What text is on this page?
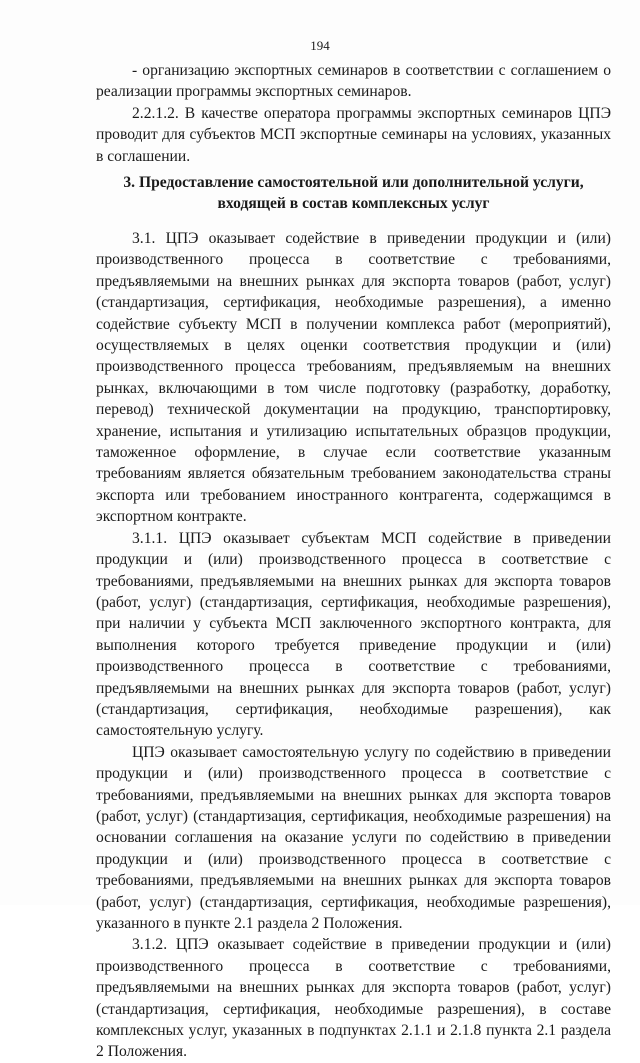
194

- организацию экспортных семинаров в соответствии с соглашением о реализации программы экспортных семинаров.

2.2.1.2. В качестве оператора программы экспортных семинаров ЦПЭ проводит для субъектов МСП экспортные семинары на условиях, указанных в соглашении.

3. Предоставление самостоятельной или дополнительной услуги, входящей в состав комплексных услуг

3.1. ЦПЭ оказывает содействие в приведении продукции и (или) производственного процесса в соответствие с требованиями, предъявляемыми на внешних рынках для экспорта товаров (работ, услуг) (стандартизация, сертификация, необходимые разрешения), а именно содействие субъекту МСП в получении комплекса работ (мероприятий), осуществляемых в целях оценки соответствия продукции и (или) производственного процесса требованиям, предъявляемым на внешних рынках, включающими в том числе подготовку (разработку, доработку, перевод) технической документации на продукцию, транспортировку, хранение, испытания и утилизацию испытательных образцов продукции, таможенное оформление, в случае если соответствие указанным требованиям является обязательным требованием законодательства страны экспорта или требованием иностранного контрагента, содержащимся в экспортном контракте.

3.1.1. ЦПЭ оказывает субъектам МСП содействие в приведении продукции и (или) производственного процесса в соответствие с требованиями, предъявляемыми на внешних рынках для экспорта товаров (работ, услуг) (стандартизация, сертификация, необходимые разрешения), при наличии у субъекта МСП заключенного экспортного контракта, для выполнения которого требуется приведение продукции и (или) производственного процесса в соответствие с требованиями, предъявляемыми на внешних рынках для экспорта товаров (работ, услуг) (стандартизация, сертификация, необходимые разрешения), как самостоятельную услугу.

ЦПЭ оказывает самостоятельную услугу по содействию в приведении продукции и (или) производственного процесса в соответствие с требованиями, предъявляемыми на внешних рынках для экспорта товаров (работ, услуг) (стандартизация, сертификация, необходимые разрешения) на основании соглашения на оказание услуги по содействию в приведении продукции и (или) производственного процесса в соответствие с требованиями, предъявляемыми на внешних рынках для экспорта товаров (работ, услуг) (стандартизация, сертификация, необходимые разрешения), указанного в пункте 2.1 раздела 2 Положения.

3.1.2. ЦПЭ оказывает содействие в приведении продукции и (или) производственного процесса в соответствие с требованиями, предъявляемыми на внешних рынках для экспорта товаров (работ, услуг) (стандартизация, сертификация, необходимые разрешения), в составе комплексных услуг, указанных в подпунктах 2.1.1 и 2.1.8 пункта 2.1 раздела 2 Положения.
